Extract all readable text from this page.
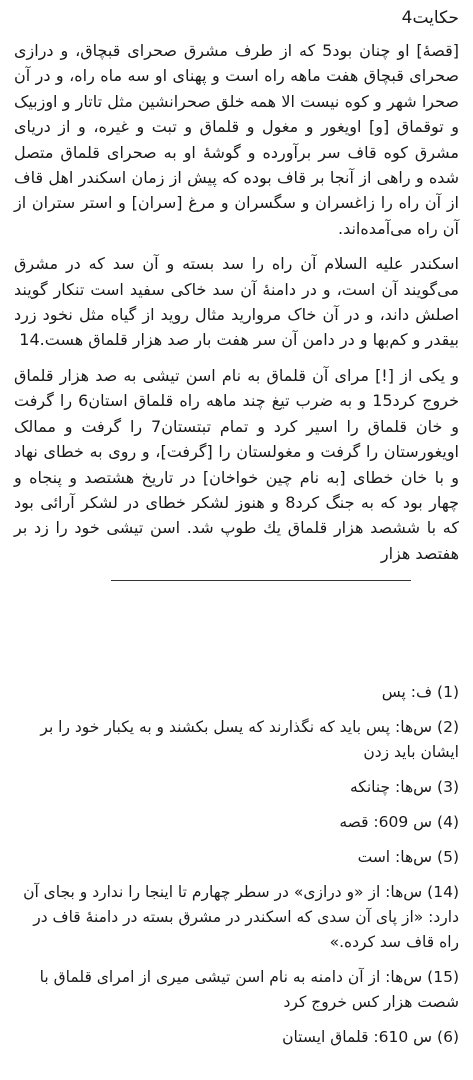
حکایت4

[قصهٔ] او چنان بود5 که از طرف مشرق صحرای قبچاق، و درازی صحرای قبچاق هفت ماهه راه است و پهنای او سه ماه راه، و در آن صحرا شهر و کوه نیست الا همه خلق صحرانشین مثل تاتار و اوزبیک و توقماق [و] اویغور و مغول و قلماق و تبت و غیره، و از دریای مشرق کوه قاف سر برآورده و گوشهٔ او به صحرای قلماق متصل شده و راهی از آنجا بر قاف بوده که پیش از زمان اسکندر اهل قاف از آن راه را زاغسران و سگسران و مرغ [سران] و استر ستران از آن راه می‌آمده‌اند.

اسکندر علیه السلام آن راه را سد بسته و آن سد که در مشرق می‌گویند آن است، و در دامنهٔ آن سد خاکی سفید است تنکار گویند اصلش داند، و در آن خاک مروارید مثال روید از گیاه مثل نخود زرد بیقدر و کم‌بها و در دامن آن سر هفت بار صد هزار قلماق هست.14

و یکی از [!] مرای آن قلماق به نام اسن تیشی به صد هزار قلماق خروج کرد15 و به ضرب تیغ چند ماهه راه قلماق استان6 را گرفت و خان قلماق را اسیر کرد و تمام تبتستان7 را گرفت و ممالک اویغورستان را گرفت و مغولستان را [گرفت]، و روی به خطای نهاد و با خان خطای [به نام چین خواخان] در تاریخ هشتصد و پنجاه و چهار بود که به جنگ کرد8 و هنوز لشکر خطای در لشکر آرائی بود که با ششصد هزار قلماق یك طوپ شد. اسن تیشی خود را زد بر هفتصد هزار

(1) ف: پس

(2) س‌ها: پس باید که نگذارند که یسل بکشند و به یکبار خود را بر ایشان باید زدن

(3) س‌ها: چنانکه

(4) س 609: قصه

(5) س‌ها: است

(14) س‌ها: از «و درازی» در سطر چهارم تا اینجا را ندارد و بجای آن دارد: «از پای آن سدی که اسکندر در مشرق بسته در دامنهٔ قاف در راه قاف سد کرده.»

(15) س‌ها: از آن دامنه به نام اسن تیشی میری از امرای قلماق با شصت هزار کس خروج کرد

(6) س 610: قلماق ایستان
